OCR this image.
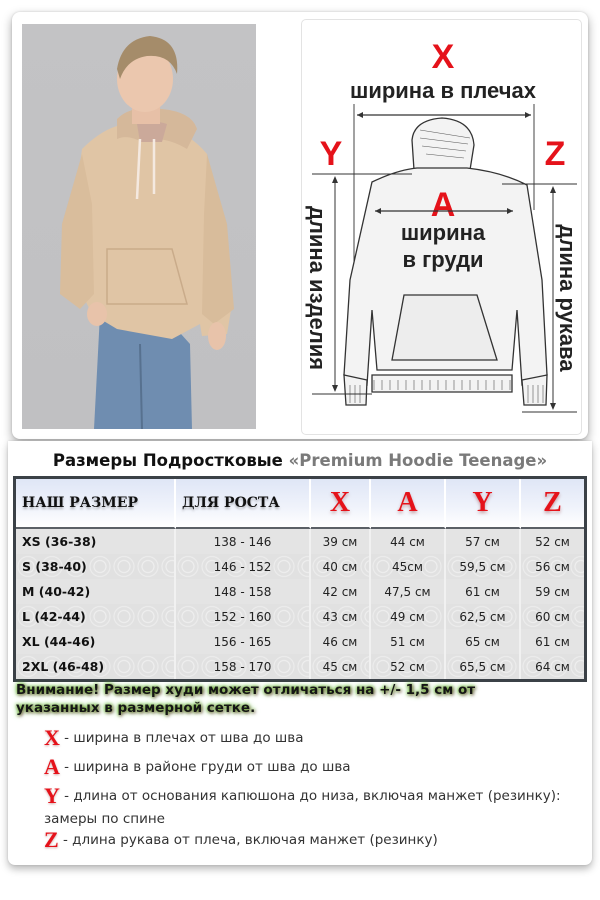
X
ширина в плечах
Y	Z
A
ширина
в груди
длина изделия	длина рукава
Размеры Подростковые «Premium Hoodie Teenage»
НАШ РАЗМЕР	ДЛЯ РОСТА	X	A	Y	Z
XS (36-38)	138 - 146	39 см	44 см	57 см	52 см
S (38-40)	146 - 152	40 см	45см	59,5 см	56 см
M (40-42)	148 - 158	42 см	47,5 см	61 см	59 см
L (42-44)	152 - 160	43 см	49 см	62,5 см	60 см
XL (44-46)	156 - 165	46 см	51 см	65 см	61 см
2XL (46-48)	158 - 170	45 см	52 см	65,5 см	64 см
Внимание! Размер худи может отличаться на +/- 1,5 см от указанных в размерной сетке.
X - ширина в плечах от шва до шва
A - ширина в районе груди от шва до шва
Y - длина от основания капюшона до низа, включая манжет (резинку): замеры по спине
Z - длина рукава от плеча, включая манжет (резинку)
